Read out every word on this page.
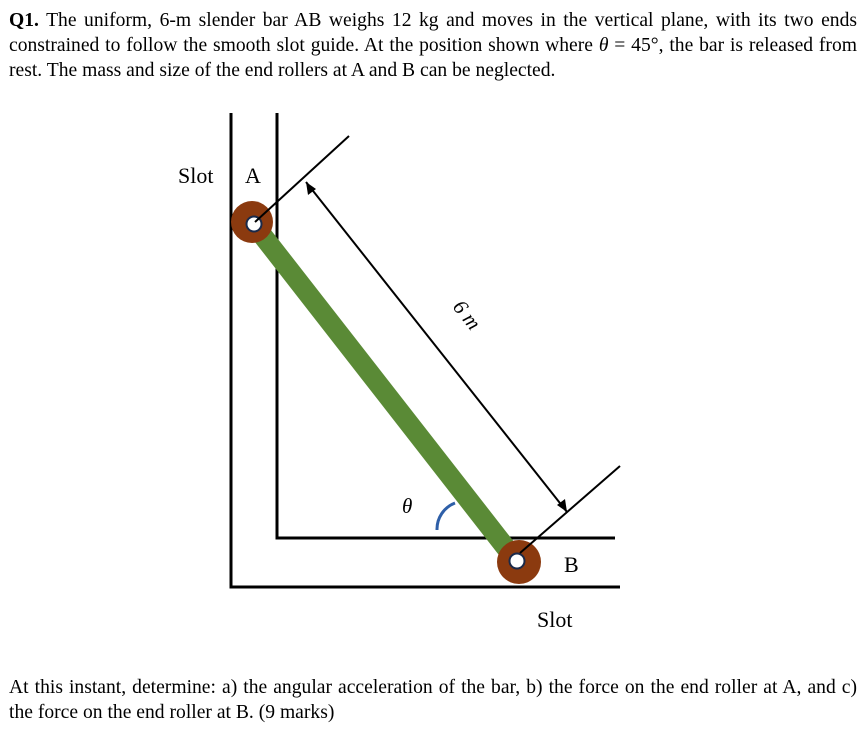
Q1. The uniform, 6-m slender bar AB weighs 12 kg and moves in the vertical plane, with its two ends constrained to follow the smooth slot guide. At the position shown where θ = 45°, the bar is released from rest. The mass and size of the end rollers at A and B can be neglected.

6 m
Slot A
θ
B
Slot

At this instant, determine: a) the angular acceleration of the bar, b) the force on the end roller at A, and c) the force on the end roller at B. (9 marks)
